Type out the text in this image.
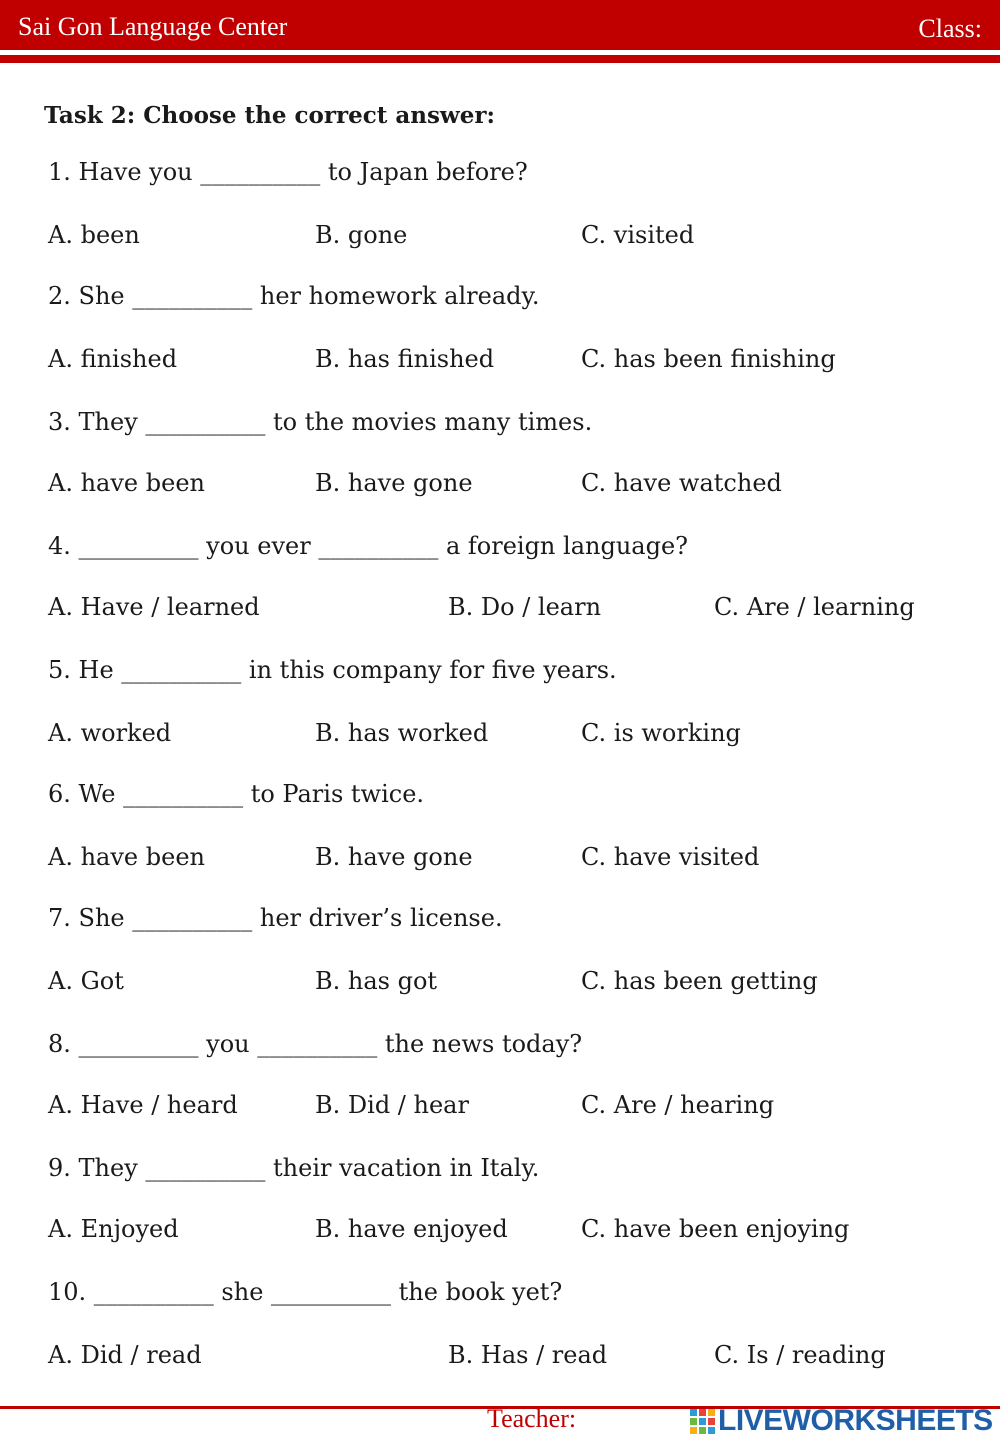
Sai Gon Language Center	Class:
Task 2: Choose the correct answer:
1. Have you __________ to Japan before?
A. been	B. gone	C. visited
2. She __________ her homework already.
A. finished	B. has finished	C. has been finishing
3. They __________ to the movies many times.
A. have been	B. have gone	C. have watched
4. __________ you ever __________ a foreign language?
A. Have / learned	B. Do / learn	C. Are / learning
5. He __________ in this company for five years.
A. worked	B. has worked	C. is working
6. We __________ to Paris twice.
A. have been	B. have gone	C. have visited
7. She __________ her driver’s license.
A. Got	B. has got	C. has been getting
8. __________ you __________ the news today?
A. Have / heard	B. Did / hear	C. Are / hearing
9. They __________ their vacation in Italy.
A. Enjoyed	B. have enjoyed	C. have been enjoying
10. __________ she __________ the book yet?
A. Did / read	B. Has / read	C. Is / reading
Teacher:	LIVEWORKSHEETS
